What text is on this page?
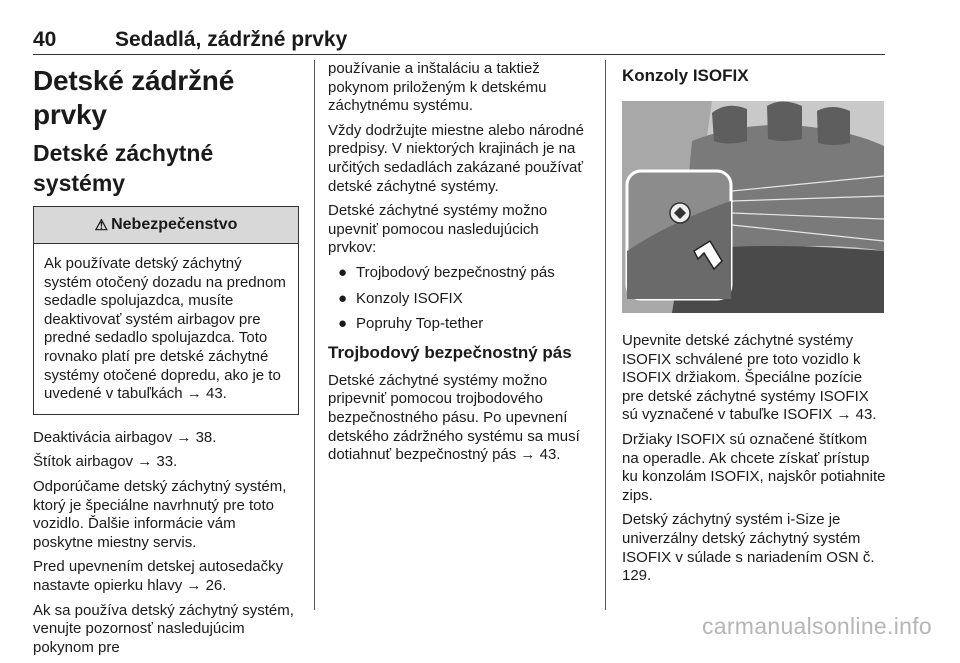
40	Sedadlá, zádržné prvky
Detské zádržné prvky
Detské záchytné systémy
⚠ Nebezpečenstvo

Ak používate detský záchytný systém otočený dozadu na prednom sedadle spolujazdca, musíte deaktivovať systém airbagov pre predné sedadlo spolujazdca. Toto rovnako platí pre detské záchytné systémy otočené dopredu, ako je to uvedené v tabuľkách → 43.

Deaktivácia airbagov → 38.

Štítok airbagov → 33.

Odporúčame detský záchytný systém, ktorý je špeciálne navrhnutý pre toto vozidlo. Ďalšie informácie vám poskytne miestny servis.

Pred upevnením detskej autosedačky nastavte opierku hlavy → 26.

Ak sa používa detský záchytný systém, venujte pozornosť nasledujúcim pokynom pre

používanie a inštaláciu a taktiež pokynom priloženým k detskému záchytnému systému.

Vždy dodržujte miestne alebo národné predpisy. V niektorých krajinách je na určitých sedadlách zakázané používať detské záchytné systémy.

Detské záchytné systémy možno upevniť pomocou nasledujúcich prvkov:

● Trojbodový bezpečnostný pás
● Konzoly ISOFIX
● Popruhy Top-tether
Trojbodový bezpečnostný pás

Detské záchytné systémy možno pripevniť pomocou trojbodového bezpečnostného pásu. Po upevnení detského zádržného systému sa musí dotiahnuť bezpečnostný pás → 43.

Konzoly ISOFIX

Upevnite detské záchytné systémy ISOFIX schválené pre toto vozidlo k ISOFIX držiakom. Špeciálne pozície pre detské záchytné systémy ISOFIX sú vyznačené v tabuľke ISOFIX → 43.

Držiaky ISOFIX sú označené štítkom na operadle. Ak chcete získať prístup ku konzolám ISOFIX, najskôr potiahnite zips.

Detský záchytný systém i-Size je univerzálny detský záchytný systém ISOFIX v súlade s nariadením OSN č. 129.

carmanualsonline.info
